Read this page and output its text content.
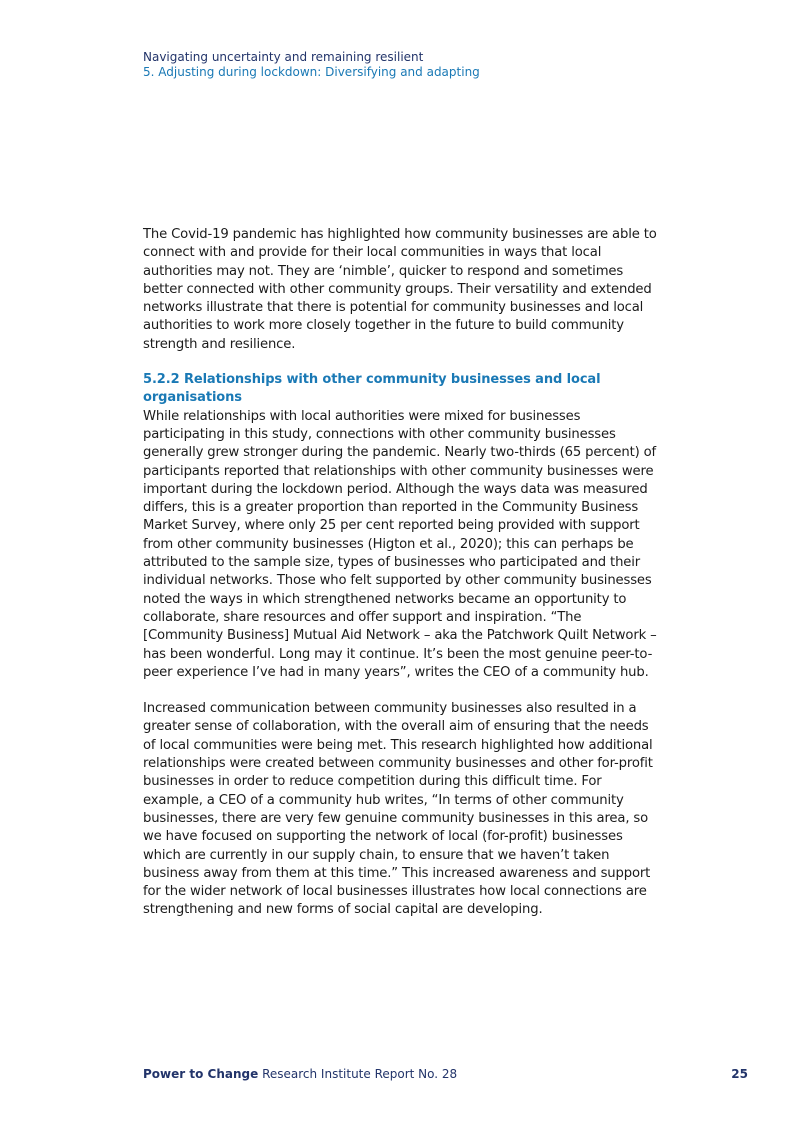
Navigating uncertainty and remaining resilient
5. Adjusting during lockdown: Diversifying and adapting

The Covid-19 pandemic has highlighted how community businesses are able to connect with and provide for their local communities in ways that local authorities may not. They are ‘nimble’, quicker to respond and sometimes better connected with other community groups. Their versatility and extended networks illustrate that there is potential for community businesses and local authorities to work more closely together in the future to build community strength and resilience.

5.2.2 Relationships with other community businesses and local organisations

While relationships with local authorities were mixed for businesses participating in this study, connections with other community businesses generally grew stronger during the pandemic. Nearly two-thirds (65 percent) of participants reported that relationships with other community businesses were important during the lockdown period. Although the ways data was measured differs, this is a greater proportion than reported in the Community Business Market Survey, where only 25 per cent reported being provided with support from other community businesses (Higton et al., 2020); this can perhaps be attributed to the sample size, types of businesses who participated and their individual networks. Those who felt supported by other community businesses noted the ways in which strengthened networks became an opportunity to collaborate, share resources and offer support and inspiration. “The [Community Business] Mutual Aid Network – aka the Patchwork Quilt Network – has been wonderful. Long may it continue. It’s been the most genuine peer-to-peer experience I’ve had in many years”, writes the CEO of a community hub.

Increased communication between community businesses also resulted in a greater sense of collaboration, with the overall aim of ensuring that the needs of local communities were being met. This research highlighted how additional relationships were created between community businesses and other for-profit businesses in order to reduce competition during this difficult time. For example, a CEO of a community hub writes, “In terms of other community businesses, there are very few genuine community businesses in this area, so we have focused on supporting the network of local (for-profit) businesses which are currently in our supply chain, to ensure that we haven’t taken business away from them at this time.” This increased awareness and support for the wider network of local businesses illustrates how local connections are strengthening and new forms of social capital are developing.

Power to Change Research Institute Report No. 28	25
